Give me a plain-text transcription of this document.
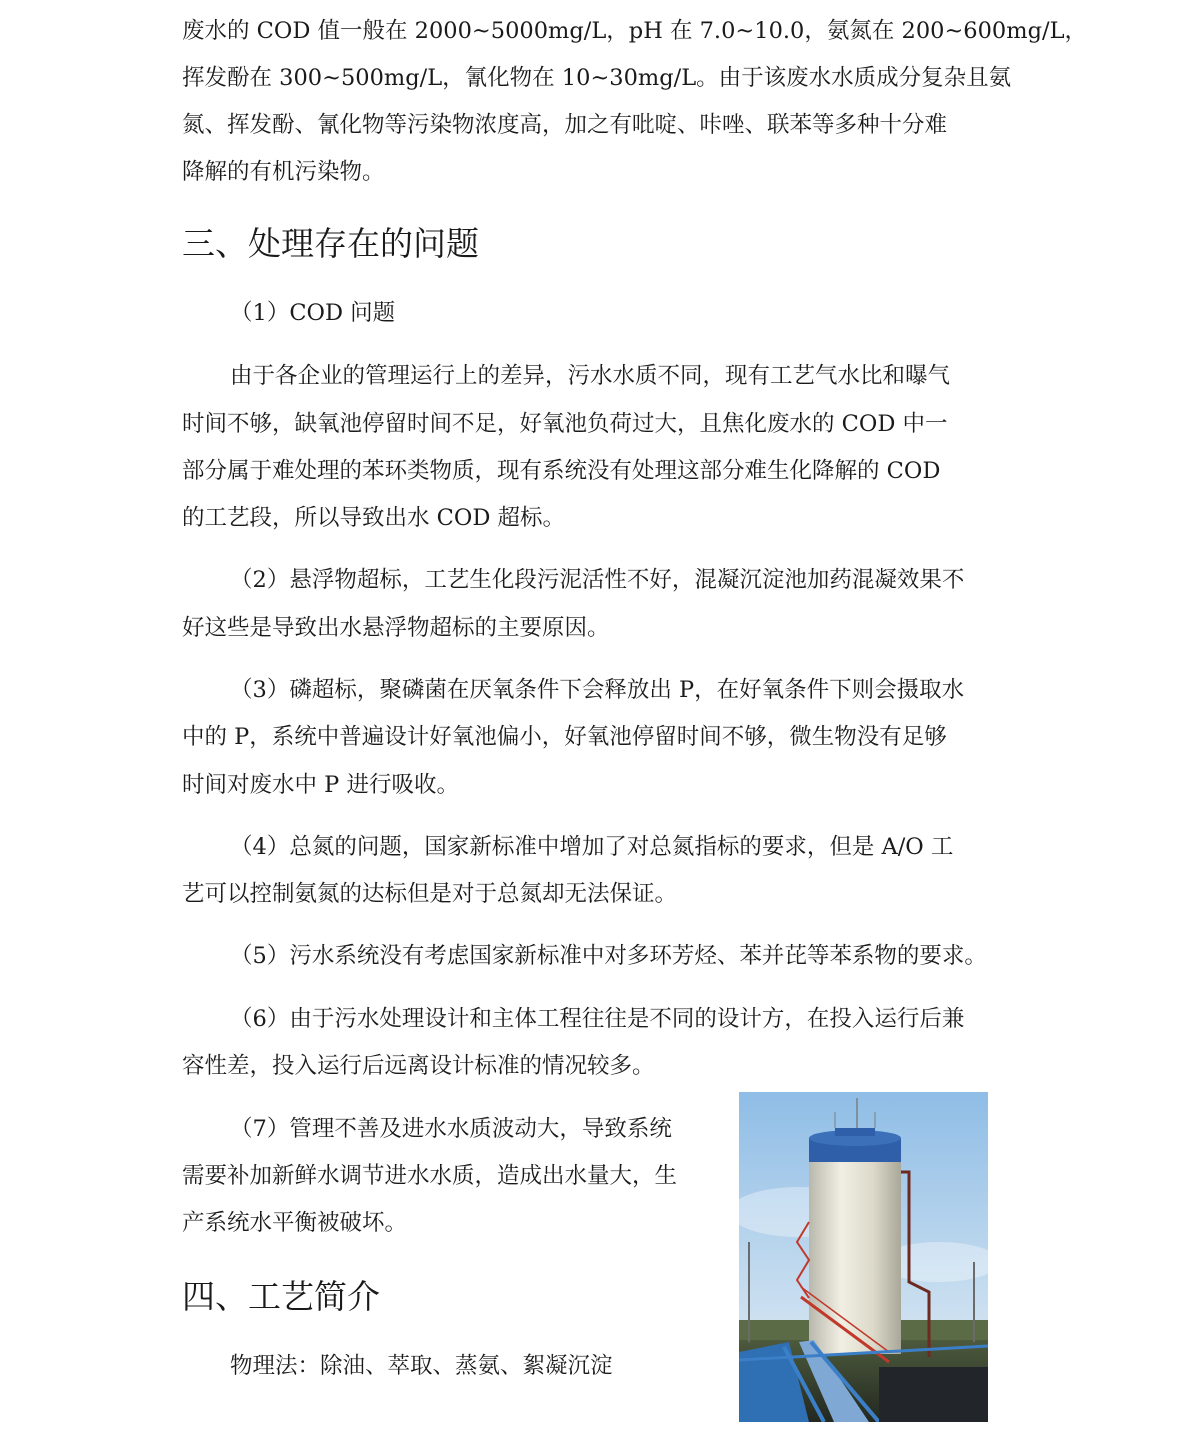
废水的 COD 值一般在 2000~5000mg/L，pH 在 7.0~10.0，氨氮在 200~600mg/L，

挥发酚在 300~500mg/L，氰化物在 10~30mg/L。由于该废水水质成分复杂且氨

氮、挥发酚、氰化物等污染物浓度高，加之有吡啶、咔唑、联苯等多种十分难

降解的有机污染物。

三、处理存在的问题

（1）COD 问题

由于各企业的管理运行上的差异，污水水质不同，现有工艺气水比和曝气

时间不够，缺氧池停留时间不足，好氧池负荷过大，且焦化废水的 COD 中一

部分属于难处理的苯环类物质，现有系统没有处理这部分难生化降解的 COD

的工艺段，所以导致出水 COD 超标。

（2）悬浮物超标，工艺生化段污泥活性不好，混凝沉淀池加药混凝效果不

好这些是导致出水悬浮物超标的主要原因。

（3）磷超标，聚磷菌在厌氧条件下会释放出 P，在好氧条件下则会摄取水

中的 P，系统中普遍设计好氧池偏小，好氧池停留时间不够，微生物没有足够

时间对废水中 P 进行吸收。

（4）总氮的问题，国家新标准中增加了对总氮指标的要求，但是 A/O 工

艺可以控制氨氮的达标但是对于总氮却无法保证。

（5）污水系统没有考虑国家新标准中对多环芳烃、苯并芘等苯系物的要求。

（6）由于污水处理设计和主体工程往往是不同的设计方，在投入运行后兼

容性差，投入运行后远离设计标准的情况较多。

（7）管理不善及进水水质波动大，导致系统

需要补加新鲜水调节进水水质，造成出水量大，生

产系统水平衡被破坏。

四、工艺简介

物理法：除油、萃取、蒸氨、絮凝沉淀
